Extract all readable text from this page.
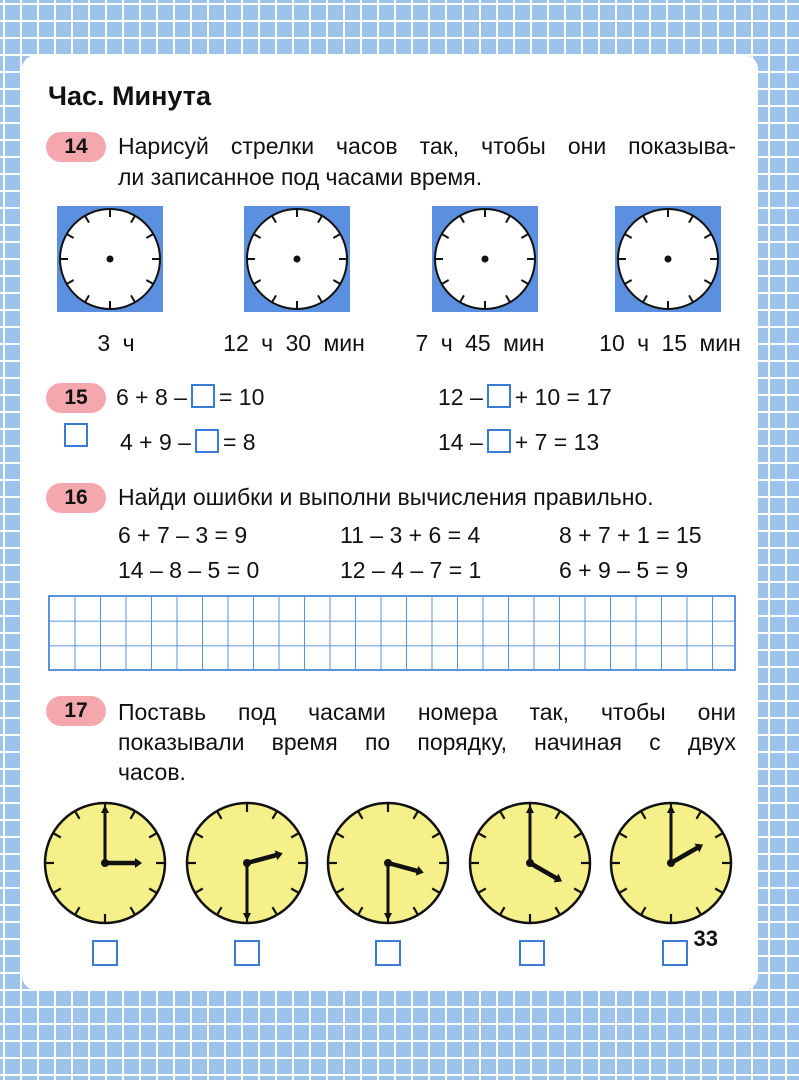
Час. Минута
14	Нарисуй стрелки часов так, чтобы они показыва-

ли записанное под часами время.

3 ч	12 ч 30 мин	7 ч 45 мин	10 ч 15 мин
15	6 + 8 – = 10	12 – + 10 = 17
4 + 9 – = 8	14 – + 7 = 13
16	Найди ошибки и выполни вычисления правильно.

6 + 7 – 3 = 9	11 – 3 + 6 = 4	8 + 7 + 1 = 15
14 – 8 – 5 = 0	12 – 4 – 7 = 1	6 + 9 – 5 = 9
17	Поставь под часами номера так, чтобы они

показывали время по порядку, начиная с двух

часов.

33
